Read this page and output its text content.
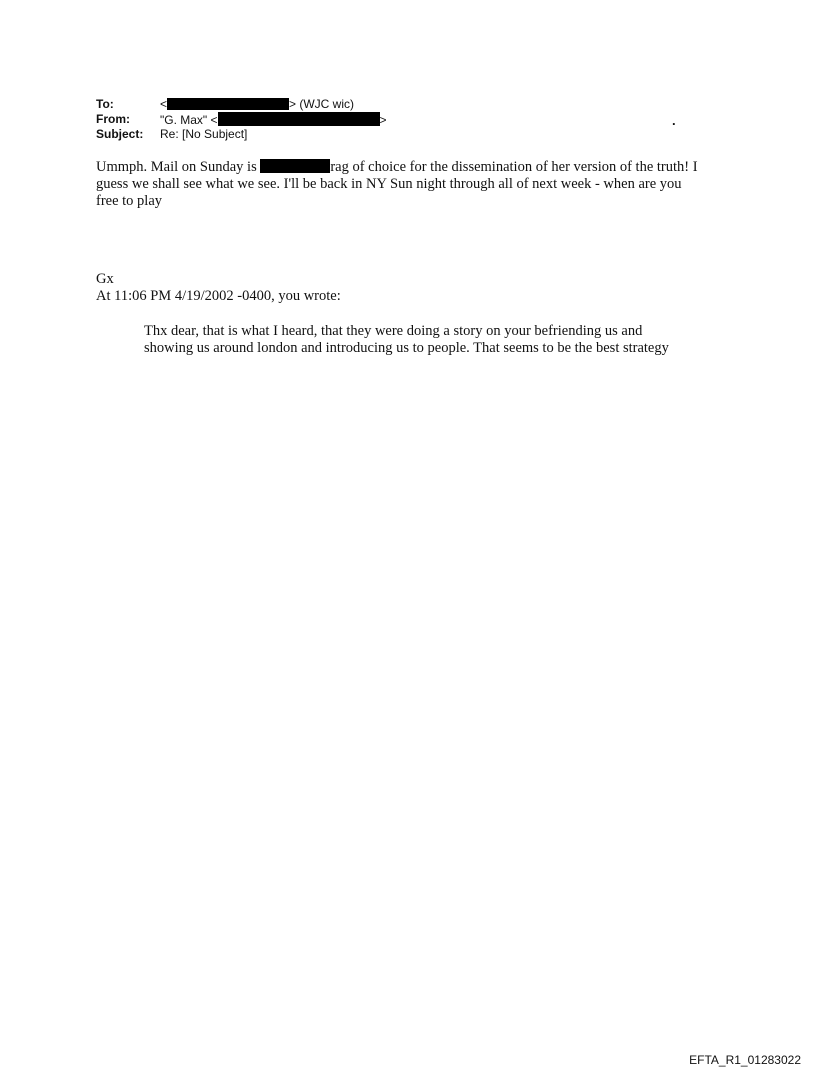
To:	<	> (WJC wic)
From:	"G. Max" <	>
Subject: Re: [No Subject]
.
Ummph. Mail on Sunday is	rag of choice for the dissemination of her version of the truth! I guess we shall see what we see. I'll be back in NY Sun night through all of next week - when are you free to play
Gx
At 11:06 PM 4/19/2002 -0400, you wrote:
Thx dear, that is what I heard, that they were doing a story on your befriending us and showing us around london and introducing us to people. That seems to be the best strategy
EFTA_R1_01283022
